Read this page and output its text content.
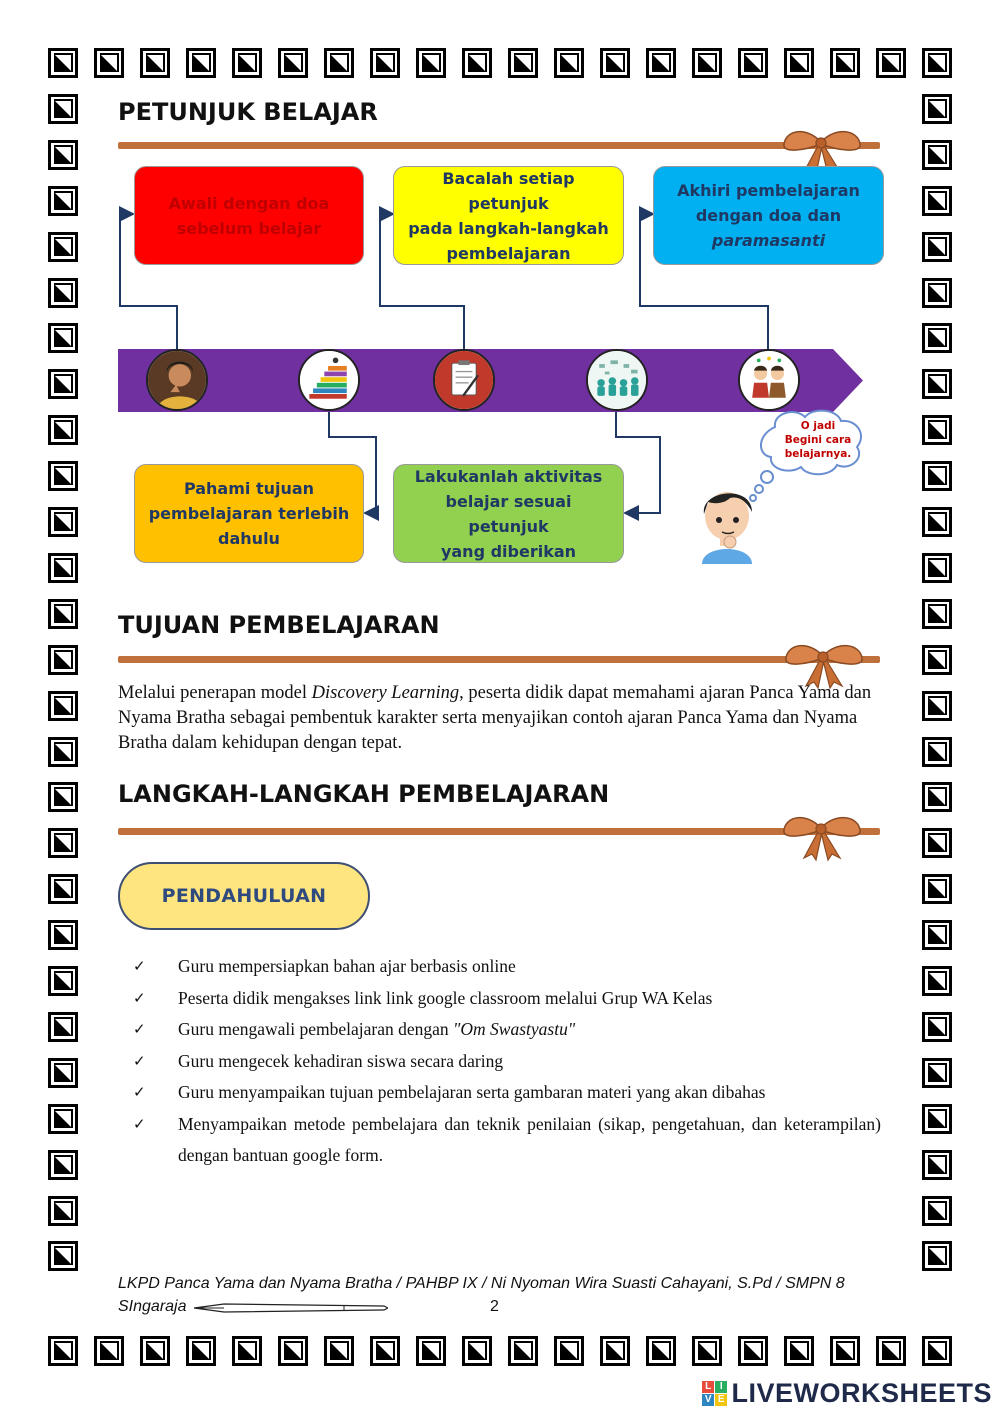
PETUNJUK BELAJAR
Awali dengan doa
sebelum belajar
Bacalah setiap petunjuk
pada langkah-langkah
pembelajaran
Akhiri pembelajaran
dengan doa dan
paramasanti
Pahami tujuan
pembelajaran terlebih
dahulu
Lakukanlah aktivitas
belajar sesuai petunjuk
yang diberikan
O jadi
Begini cara
belajarnya.
TUJUAN PEMBELAJARAN

Melalui penerapan model Discovery Learning, peserta didik dapat memahami ajaran Panca Yama dan Nyama Bratha sebagai pembentuk karakter serta menyajikan contoh ajaran Panca Yama dan Nyama Bratha dalam kehidupan dengan tepat.

LANGKAH-LANGKAH PEMBELAJARAN
PENDAHULUAN
✓	Guru mempersiapkan bahan ajar berbasis online
✓	Peserta didik mengakses link link google classroom melalui Grup WA Kelas
✓	Guru mengawali pembelajaran dengan "Om Swastyastu"
✓	Guru mengecek kehadiran siswa secara daring
✓	Guru menyampaikan tujuan pembelajaran serta gambaran materi yang akan dibahas
✓	Menyampaikan metode pembelajara dan teknik penilaian (sikap, pengetahuan, dan keterampilan) dengan bantuan google form.
LKPD Panca Yama dan Nyama Bratha / PAHBP IX / Ni Nyoman Wira Suasti Cahayani, S.Pd / SMPN 8
SIngaraja	2
L I
V E LIVEWORKSHEETS
